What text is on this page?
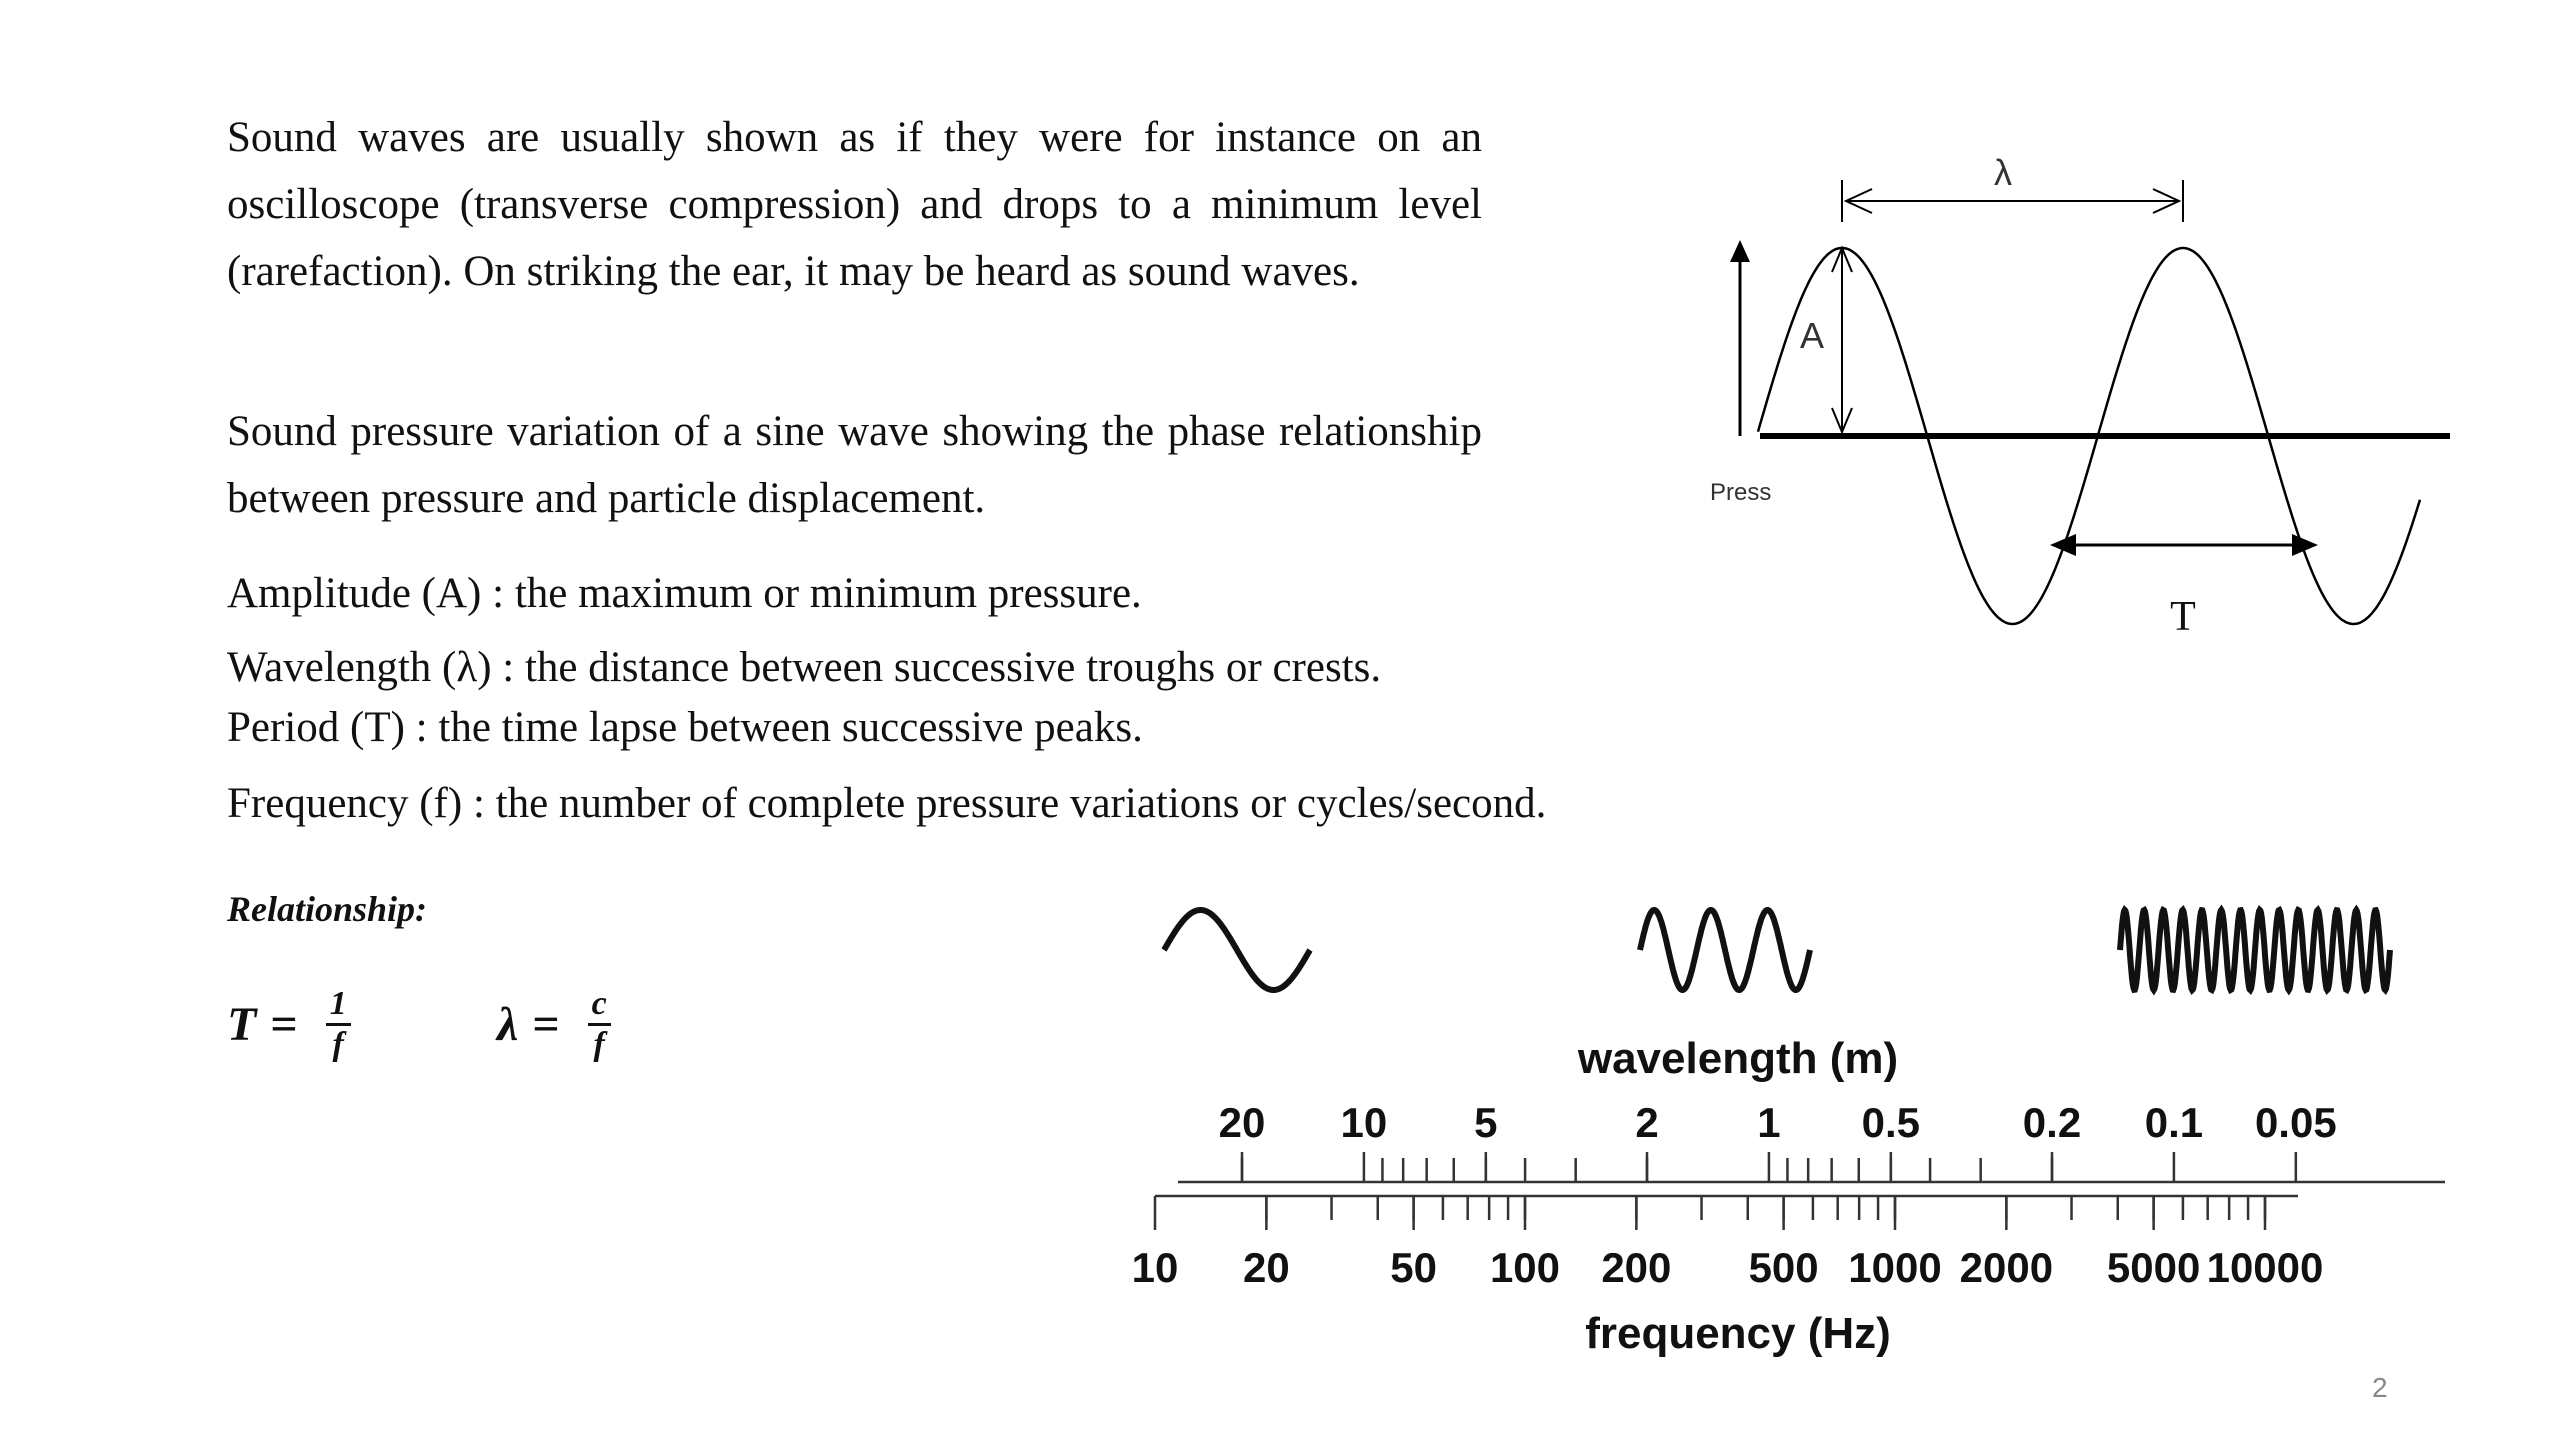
Sound waves are usually shown as if they were for instance on an oscilloscope (transverse compression) and drops to a minimum level (rarefaction). On striking the ear, it may be heard as sound waves.

Sound pressure variation of a sine wave showing the phase relationship between pressure and particle displacement.

Amplitude (A) : the maximum or minimum pressure.

Wavelength (λ) : the distance between successive troughs or crests.

Period (T) : the time lapse between successive peaks.

Frequency (f) : the number of complete pressure variations or cycles/second.

Relationship:
$T = \frac{1}{f}$	$\lambda = \frac{c}{f}$
λ
A
Press
T
wavelength (m)
20 10 5	2 1 0.5 0.2 0.1 0.05
10 20 50 100 200 500 1000 2000 5000 10000
frequency (Hz)
2
